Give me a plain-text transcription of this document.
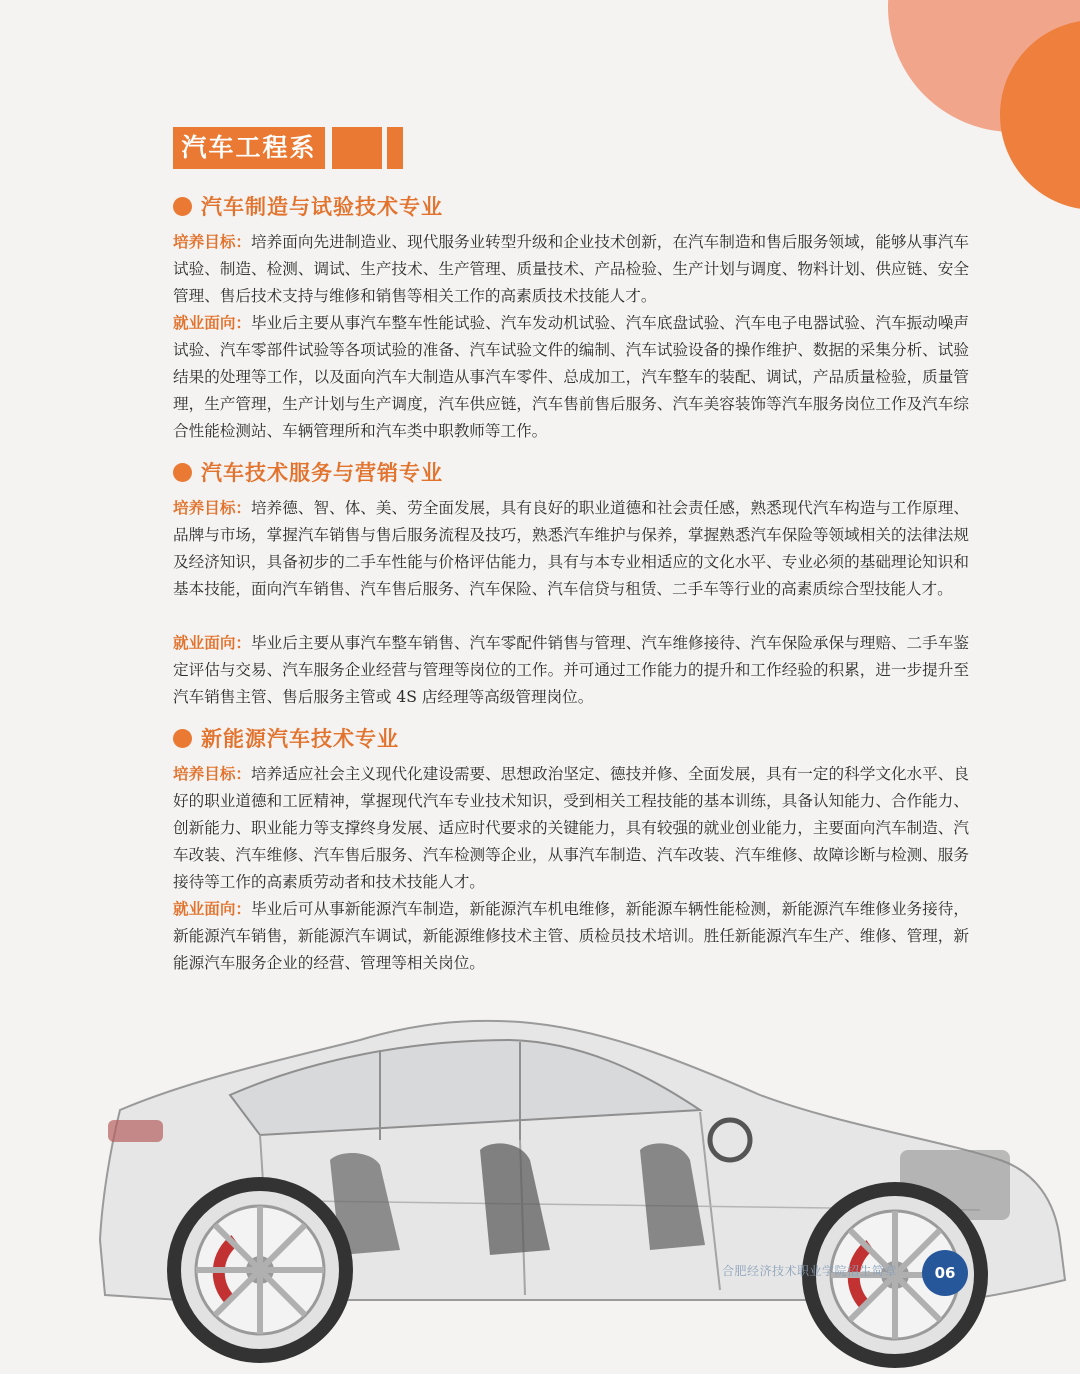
汽车工程系
汽车制造与试验技术专业

培养目标：培养面向先进制造业、现代服务业转型升级和企业技术创新，在汽车制造和售后服务领域，能够从事汽车试验、制造、检测、调试、生产技术、生产管理、质量技术、产品检验、生产计划与调度、物料计划、供应链、安全管理、售后技术支持与维修和销售等相关工作的高素质技术技能人才。

就业面向：毕业后主要从事汽车整车性能试验、汽车发动机试验、汽车底盘试验、汽车电子电器试验、汽车振动噪声试验、汽车零部件试验等各项试验的准备、汽车试验文件的编制、汽车试验设备的操作维护、数据的采集分析、试验结果的处理等工作，以及面向汽车大制造从事汽车零件、总成加工，汽车整车的装配、调试，产品质量检验，质量管理，生产管理，生产计划与生产调度，汽车供应链，汽车售前售后服务、汽车美容装饰等汽车服务岗位工作及汽车综合性能检测站、车辆管理所和汽车类中职教师等工作。

汽车技术服务与营销专业

培养目标：培养德、智、体、美、劳全面发展，具有良好的职业道德和社会责任感，熟悉现代汽车构造与工作原理、品牌与市场，掌握汽车销售与售后服务流程及技巧，熟悉汽车维护与保养，掌握熟悉汽车保险等领域相关的法律法规及经济知识，具备初步的二手车性能与价格评估能力，具有与本专业相适应的文化水平、专业必须的基础理论知识和基本技能，面向汽车销售、汽车售后服务、汽车保险、汽车信贷与租赁、二手车等行业的高素质综合型技能人才。

就业面向：毕业后主要从事汽车整车销售、汽车零配件销售与管理、汽车维修接待、汽车保险承保与理赔、二手车鉴定评估与交易、汽车服务企业经营与管理等岗位的工作。并可通过工作能力的提升和工作经验的积累，进一步提升至汽车销售主管、售后服务主管或 4S 店经理等高级管理岗位。

新能源汽车技术专业

培养目标：培养适应社会主义现代化建设需要、思想政治坚定、德技并修、全面发展，具有一定的科学文化水平、良好的职业道德和工匠精神，掌握现代汽车专业技术知识，受到相关工程技能的基本训练，具备认知能力、合作能力、创新能力、职业能力等支撑终身发展、适应时代要求的关键能力，具有较强的就业创业能力，主要面向汽车制造、汽车改装、汽车维修、汽车售后服务、汽车检测等企业，从事汽车制造、汽车改装、汽车维修、故障诊断与检测、服务接待等工作的高素质劳动者和技术技能人才。

就业面向：毕业后可从事新能源汽车制造，新能源汽车机电维修，新能源车辆性能检测，新能源汽车维修业务接待，新能源汽车销售，新能源汽车调试，新能源维修技术主管、质检员技术培训。胜任新能源汽车生产、维修、管理，新能源汽车服务企业的经营、管理等相关岗位。

合肥经济技术职业学院招生简章	06
